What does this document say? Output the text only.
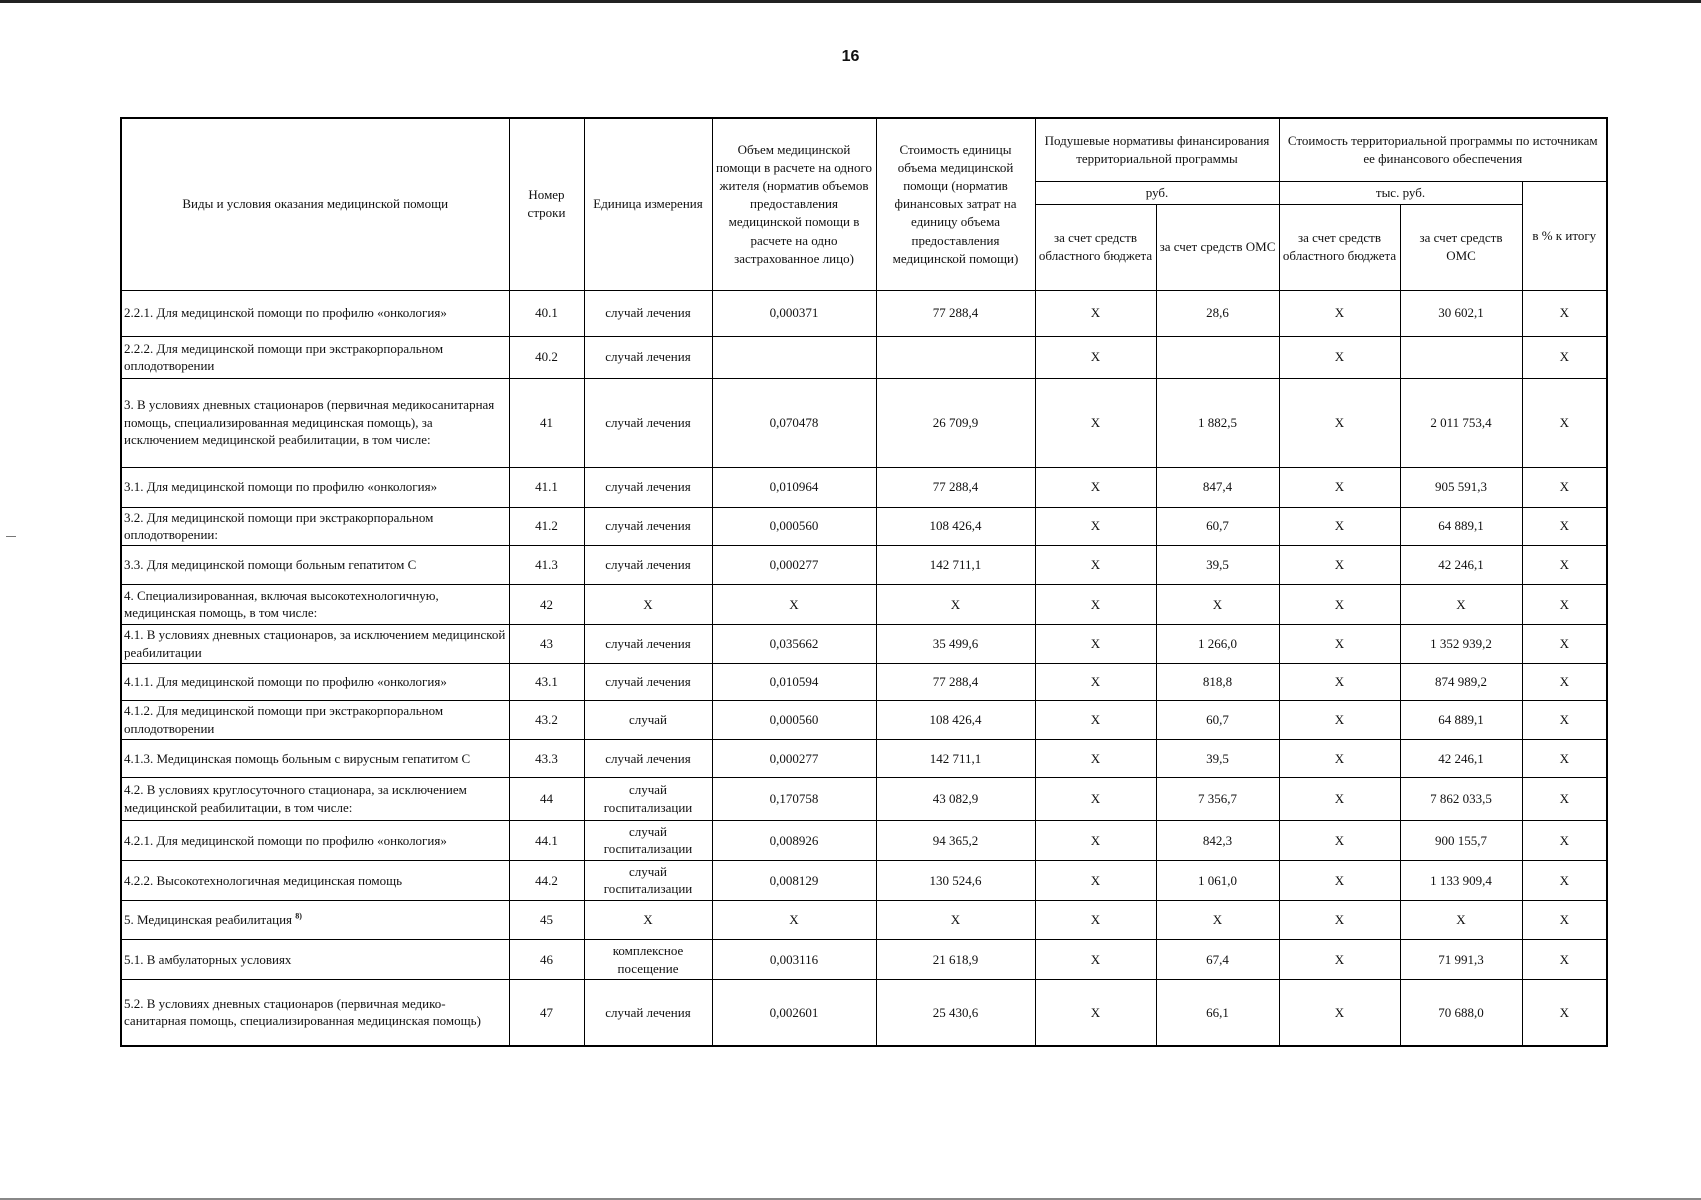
16
Виды и условия оказания медицинской помощи	Номер строки	Единица измерения	Объем медицинской помощи в расчете на одного жителя (норматив объемов предоставления медицинской помощи в расчете на одно застрахованное лицо)	Стоимость единицы объема медицинской помощи (норматив финансовых затрат на единицу объема предоставления медицинской помощи)	Подушевые нормативы финансирования территориальной программы		Стоимость территориальной программы по источникам ее финансового обеспечения		
					руб.		тыс. руб.		в % к итогу
					за счет средств областного бюджета	за счет средств ОМС	за счет средств областного бюджета	за счет средств ОМС	
2.2.1. Для медицинской помощи по профилю «онкология»	40.1	случай лечения	0,000371	77 288,4	X	28,6	X	30 602,1	X
2.2.2. Для медицинской помощи при экстракорпоральном оплодотворении	40.2	случай лечения			X		X		X
3. В условиях дневных стационаров (первичная медикосанитарная помощь, специализированная медицинская помощь), за исключением медицинской реабилитации, в том числе:	41	случай лечения	0,070478	26 709,9	X	1 882,5	X	2 011 753,4	X
3.1. Для медицинской помощи по профилю «онкология»	41.1	случай лечения	0,010964	77 288,4	X	847,4	X	905 591,3	X
3.2. Для медицинской помощи при экстракорпоральном оплодотворении:	41.2	случай лечения	0,000560	108 426,4	X	60,7	X	64 889,1	X
3.3. Для медицинской помощи больным гепатитом С	41.3	случай лечения	0,000277	142 711,1	X	39,5	X	42 246,1	X
4. Специализированная, включая высокотехнологичную, медицинская помощь, в том числе:	42	X	X	X	X	X	X	X	X
4.1. В условиях дневных стационаров, за исключением медицинской реабилитации	43	случай лечения	0,035662	35 499,6	X	1 266,0	X	1 352 939,2	X
4.1.1. Для медицинской помощи по профилю «онкология»	43.1	случай лечения	0,010594	77 288,4	X	818,8	X	874 989,2	X
4.1.2. Для медицинской помощи при экстракорпоральном оплодотворении	43.2	случай	0,000560	108 426,4	X	60,7	X	64 889,1	X
4.1.3. Медицинская помощь больным с вирусным гепатитом С	43.3	случай лечения	0,000277	142 711,1	X	39,5	X	42 246,1	X
4.2. В условиях круглосуточного стационара, за исключением медицинской реабилитации, в том числе:	44	случай госпитализации	0,170758	43 082,9	X	7 356,7	X	7 862 033,5	X
4.2.1. Для медицинской помощи по профилю «онкология»	44.1	случай госпитализации	0,008926	94 365,2	X	842,3	X	900 155,7	X
4.2.2. Высокотехнологичная медицинская помощь	44.2	случай госпитализации	0,008129	130 524,6	X	1 061,0	X	1 133 909,4	X
5. Медицинская реабилитация $^{8)}$	45	X	X	X	X	X	X	X	X
5.1. В амбулаторных условиях	46	комплексное посещение	0,003116	21 618,9	X	67,4	X	71 991,3	X
5.2. В условиях дневных стационаров (первичная медико-санитарная помощь, специализированная медицинская помощь)	47	случай лечения	0,002601	25 430,6	X	66,1	X	70 688,0	X
